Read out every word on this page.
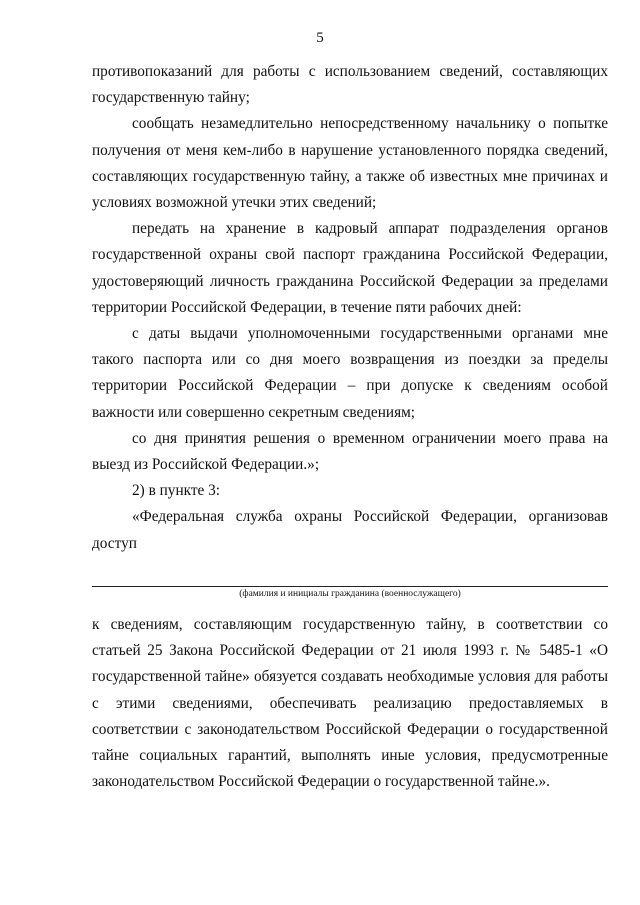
5

противопоказаний для работы с использованием сведений, составляющих государственную тайну;

сообщать незамедлительно непосредственному начальнику о попытке получения от меня кем-либо в нарушение установленного порядка сведений, составляющих государственную тайну, а также об известных мне причинах и условиях возможной утечки этих сведений;

передать на хранение в кадровый аппарат подразделения органов государственной охраны свой паспорт гражданина Российской Федерации, удостоверяющий личность гражданина Российской Федерации за пределами территории Российской Федерации, в течение пяти рабочих дней:

с даты выдачи уполномоченными государственными органами мне такого паспорта или со дня моего возвращения из поездки за пределы территории Российской Федерации – при допуске к сведениям особой важности или совершенно секретным сведениям;

со дня принятия решения о временном ограничении моего права на выезд из Российской Федерации.»;

2) в пункте 3:

«Федеральная служба охраны Российской Федерации, организовав доступ

(фамилия и инициалы гражданина (военнослужащего)

к сведениям, составляющим государственную тайну, в соответствии со статьей 25 Закона Российской Федерации от 21 июля 1993 г. № 5485-1 «О государственной тайне» обязуется создавать необходимые условия для работы с этими сведениями, обеспечивать реализацию предоставляемых в соответствии с законодательством Российской Федерации о государственной тайне социальных гарантий, выполнять иные условия, предусмотренные законодательством Российской Федерации о государственной тайне.».
